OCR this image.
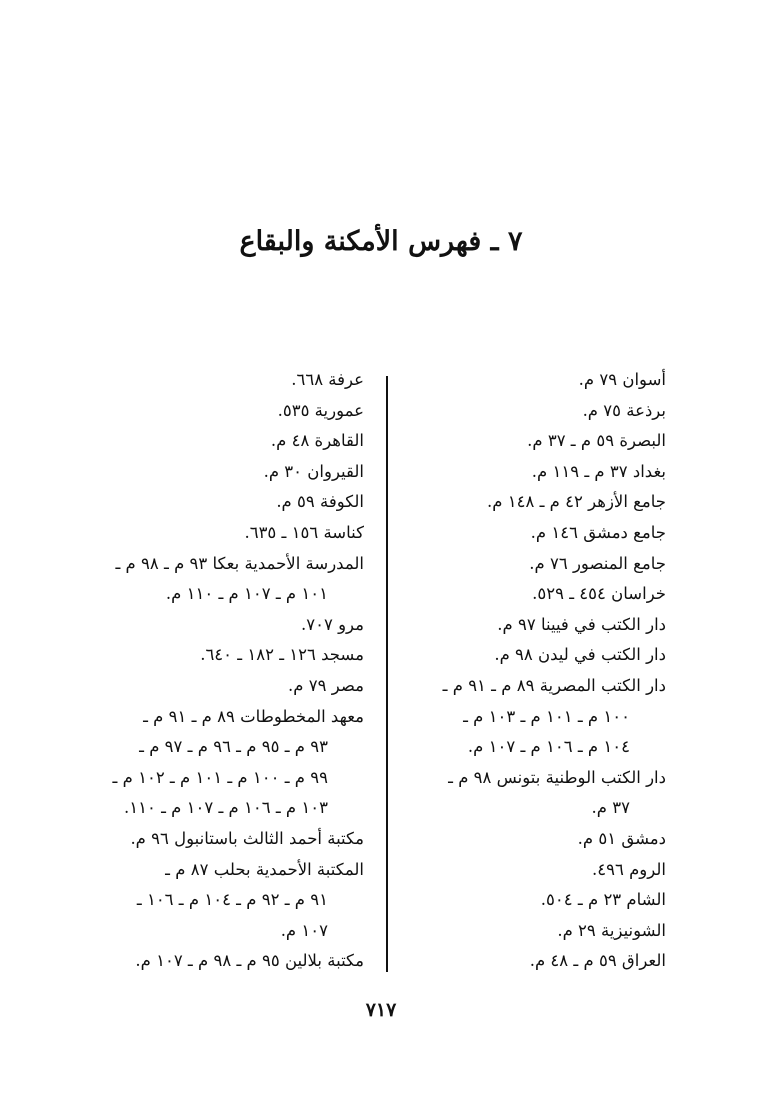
٧ ـ فهرس الأمكنة والبقاع
أسوان ٧٩ م.
برذعة ٧٥ م.
البصرة ٥٩ م ـ ٣٧ م.
بغداد ٣٧ م ـ ١١٩ م.
جامع الأزهر ٤٢ م ـ ١٤٨ م.
جامع دمشق ١٤٦ م.
جامع المنصور ٧٦ م.
خراسان ٤٥٤ ـ ٥٢٩.
دار الكتب في فيينا ٩٧ م.
دار الكتب في ليدن ٩٨ م.
دار الكتب المصرية ٨٩ م ـ ٩١ م ـ
١٠٠ م ـ ١٠١ م ـ ١٠٣ م ـ
١٠٤ م ـ ١٠٦ م ـ ١٠٧ م.
دار الكتب الوطنية بتونس ٩٨ م ـ
٣٧ م.
دمشق ٥١ م.
الروم ٤٩٦.
الشام ٢٣ م ـ ٥٠٤.
الشونيزية ٢٩ م.
العراق ٥٩ م ـ ٤٨ م.
عرفة ٦٦٨.
عمورية ٥٣٥.
القاهرة ٤٨ م.
القيروان ٣٠ م.
الكوفة ٥٩ م.
كناسة ١٥٦ ـ ٦٣٥.
المدرسة الأحمدية بعكا ٩٣ م ـ ٩٨ م ـ
١٠١ م ـ ١٠٧ م ـ ١١٠ م.
مرو ٧٠٧.
مسجد ١٢٦ ـ ١٨٢ ـ ٦٤٠.
مصر ٧٩ م.
معهد المخطوطات ٨٩ م ـ ٩١ م ـ
٩٣ م ـ ٩٥ م ـ ٩٦ م ـ ٩٧ م ـ
٩٩ م ـ ١٠٠ م ـ ١٠١ م ـ ١٠٢ م ـ
١٠٣ م ـ ١٠٦ م ـ ١٠٧ م ـ ١١٠.
مكتبة أحمد الثالث باستانبول ٩٦ م.
المكتبة الأحمدية بحلب ٨٧ م ـ
٩١ م ـ ٩٢ م ـ ١٠٤ م ـ ١٠٦ ـ
١٠٧ م.
مكتبة بلالين ٩٥ م ـ ٩٨ م ـ ١٠٧ م.
٧١٧
